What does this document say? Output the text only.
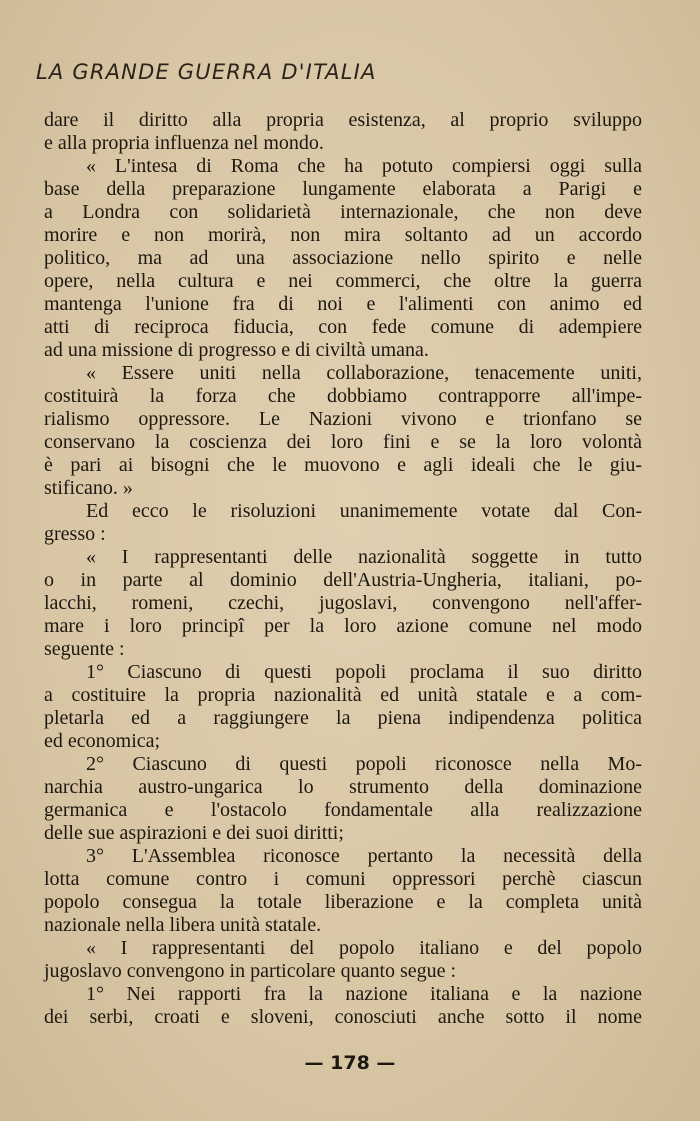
LA GRANDE GUERRA D'ITALIA
dare il diritto alla propria esistenza, al proprio sviluppo
e alla propria influenza nel mondo.
« L'intesa di Roma che ha potuto compiersi oggi sulla
base della preparazione lungamente elaborata a Parigi e
a Londra con solidarietà internazionale, che non deve
morire e non morirà, non mira soltanto ad un accordo
politico, ma ad una associazione nello spirito e nelle
opere, nella cultura e nei commerci, che oltre la guerra
mantenga l'unione fra di noi e l'alimenti con animo ed
atti di reciproca fiducia, con fede comune di adempiere
ad una missione di progresso e di civiltà umana.
« Essere uniti nella collaborazione, tenacemente uniti,
costituirà la forza che dobbiamo contrapporre all'impe-
rialismo oppressore. Le Nazioni vivono e trionfano se
conservano la coscienza dei loro fini e se la loro volontà
è pari ai bisogni che le muovono e agli ideali che le giu-
stificano. »
Ed ecco le risoluzioni unanimemente votate dal Con-
gresso :
« I rappresentanti delle nazionalità soggette in tutto
o in parte al dominio dell'Austria-Ungheria, italiani, po-
lacchi, romeni, czechi, jugoslavi, convengono nell'affer-
mare i loro principî per la loro azione comune nel modo
seguente :
1° Ciascuno di questi popoli proclama il suo diritto
a costituire la propria nazionalità ed unità statale e a com-
pletarla ed a raggiungere la piena indipendenza politica
ed economica;
2° Ciascuno di questi popoli riconosce nella Mo-
narchia austro-ungarica lo strumento della dominazione
germanica e l'ostacolo fondamentale alla realizzazione
delle sue aspirazioni e dei suoi diritti;
3° L'Assemblea riconosce pertanto la necessità della
lotta comune contro i comuni oppressori perchè ciascun
popolo consegua la totale liberazione e la completa unità
nazionale nella libera unità statale.
« I rappresentanti del popolo italiano e del popolo
jugoslavo convengono in particolare quanto segue :
1° Nei rapporti fra la nazione italiana e la nazione
dei serbi, croati e sloveni, conosciuti anche sotto il nome
— 178 —
